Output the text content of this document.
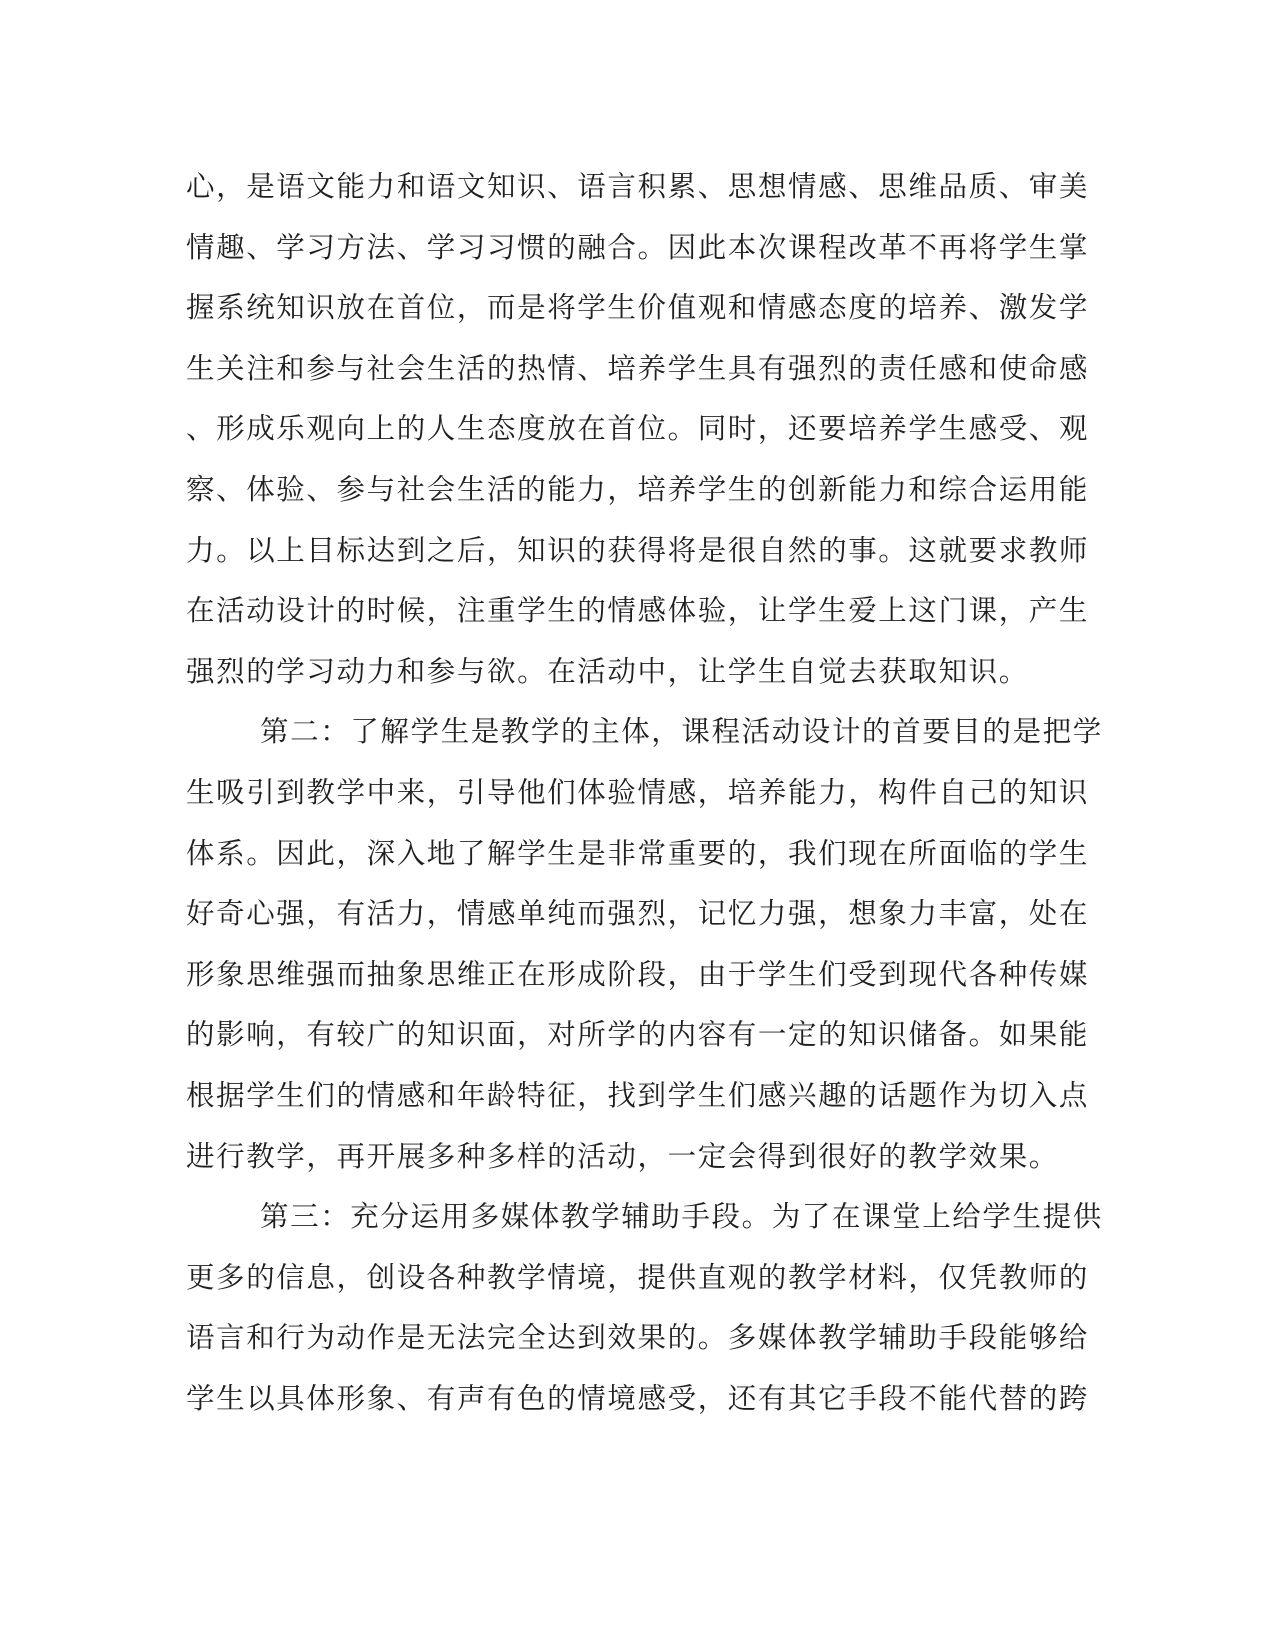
心，是语文能力和语文知识、语言积累、思想情感、思维品质、审美
情趣、学习方法、学习习惯的融合。因此本次课程改革不再将学生掌
握系统知识放在首位，而是将学生价值观和情感态度的培养、激发学
生关注和参与社会生活的热情、培养学生具有强烈的责任感和使命感
、形成乐观向上的人生态度放在首位。同时，还要培养学生感受、观
察、体验、参与社会生活的能力，培养学生的创新能力和综合运用能
力。以上目标达到之后，知识的获得将是很自然的事。这就要求教师
在活动设计的时候，注重学生的情感体验，让学生爱上这门课，产生
强烈的学习动力和参与欲。在活动中，让学生自觉去获取知识。
第二：了解学生是教学的主体，课程活动设计的首要目的是把学
生吸引到教学中来，引导他们体验情感，培养能力，构件自己的知识
体系。因此，深入地了解学生是非常重要的，我们现在所面临的学生
好奇心强，有活力，情感单纯而强烈，记忆力强，想象力丰富，处在
形象思维强而抽象思维正在形成阶段，由于学生们受到现代各种传媒
的影响，有较广的知识面，对所学的内容有一定的知识储备。如果能
根据学生们的情感和年龄特征，找到学生们感兴趣的话题作为切入点
进行教学，再开展多种多样的活动，一定会得到很好的教学效果。
第三：充分运用多媒体教学辅助手段。为了在课堂上给学生提供
更多的信息，创设各种教学情境，提供直观的教学材料，仅凭教师的
语言和行为动作是无法完全达到效果的。多媒体教学辅助手段能够给
学生以具体形象、有声有色的情境感受，还有其它手段不能代替的跨
